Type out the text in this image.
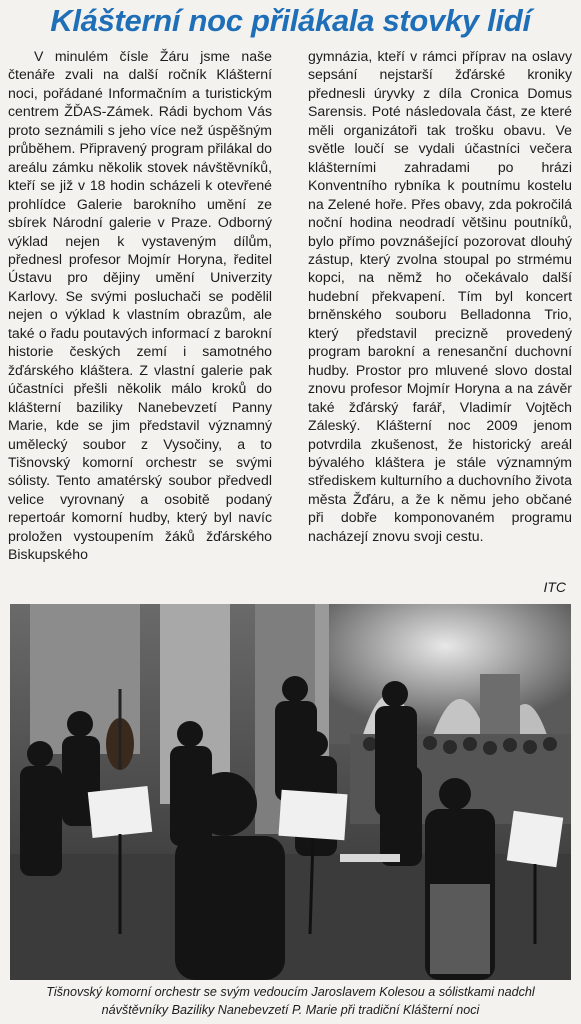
Klášterní noc přilákala stovky lidí

V minulém čísle Žáru jsme naše čtenáře zvali na další ročník Klášterní noci, pořádané Informačním a turistickým centrem ŽĎAS-Zámek. Rádi bychom Vás proto seznámili s jeho více než úspěšným průběhem. Připravený program přilákal do areálu zámku několik stovek návštěvníků, kteří se již v 18 hodin scházeli k otevřené prohlídce Galerie barokního umění ze sbírek Národní galerie v Praze. Odborný výklad nejen k vystaveným dílům, přednesl profesor Mojmír Horyna, ředitel Ústavu pro dějiny umění Univerzity Karlovy. Se svými posluchači se podělil nejen o výklad k vlastním obrazům, ale také o řadu poutavých informací z barokní historie českých zemí i samotného žďárského kláštera. Z vlastní galerie pak účastníci přešli několik málo kroků do klášterní baziliky Nanebevzetí Panny Marie, kde se jim představil významný umělecký soubor z Vysočiny, a to Tišnovský komorní orchestr se svými sólisty. Tento amatérský soubor předvedl velice vyrovnaný a osobitě podaný repertoár komorní hudby, který byl navíc proložen vystoupením žáků žďárského Biskupského

gymnázia, kteří v rámci příprav na oslavy sepsání nejstarší žďárské kroniky přednesli úryvky z díla Cronica Domus Sarensis. Poté následovala část, ze které měli organizátoři tak trošku obavu. Ve světle loučí se vydali účastníci večera klášterními zahradami po hrázi Konventního rybníka k poutnímu kostelu na Zelené hoře. Přes obavy, zda pokročilá noční hodina neodradí většinu poutníků, bylo přímo povznášející pozorovat dlouhý zástup, který zvolna stoupal po strmému kopci, na němž ho očekávalo další hudební překvapení. Tím byl koncert brněnského souboru Belladonna Trio, který představil precizně provedený program barokní a renesanční duchovní hudby. Prostor pro mluvené slovo dostal znovu profesor Mojmír Horyna a na závěr také žďárský farář, Vladimír Vojtěch Záleský. Klášterní noc 2009 jenom potvrdila zkušenost, že historický areál bývalého kláštera je stále významným střediskem kulturního a duchovního života města Žďáru, a že k němu jeho občané při dobře komponovaném programu nacházejí znovu svoji cestu.

ITC
Tišnovský komorní orchestr se svým vedoucím Jaroslavem Kolesou a sólistkami nadchl
návštěvníky Baziliky Nanebevzetí P. Marie při tradiční Klášterní noci
